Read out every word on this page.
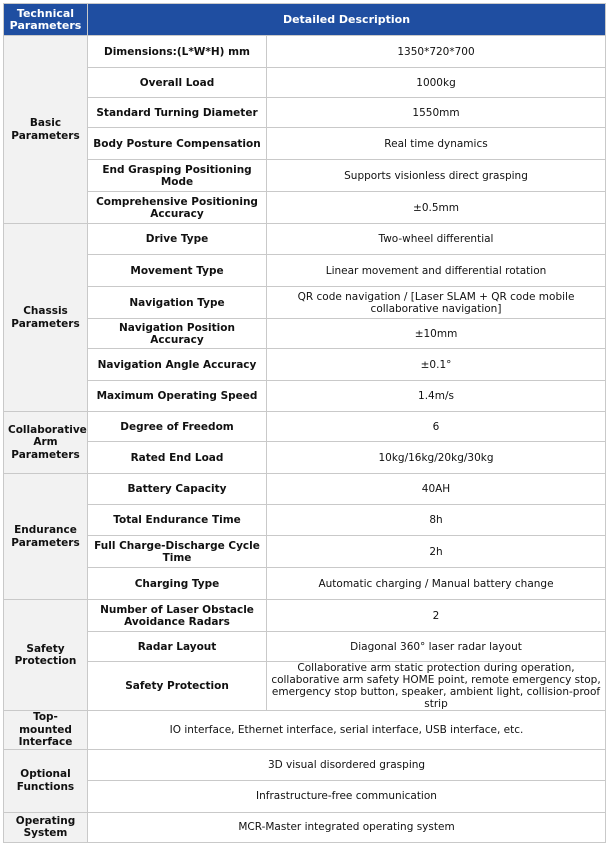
Technical Parameters	Detailed Description	
Basic Parameters	Dimensions:(L*W*H) mm	1350*720*700
	Overall Load	1000kg
	Standard Turning Diameter	1550mm
	Body Posture Compensation	Real time dynamics
	End Grasping Positioning Mode	Supports visionless direct grasping
	Comprehensive Positioning Accuracy	±0.5mm
Chassis Parameters	Drive Type	Two-wheel differential
	Movement Type	Linear movement and differential rotation
	Navigation Type	QR code navigation / [Laser SLAM + QR code mobile collaborative navigation]
	Navigation Position Accuracy	±10mm
	Navigation Angle Accuracy	±0.1°
	Maximum Operating Speed	1.4m/s
Collaborative Arm Parameters	Degree of Freedom	6
	Rated End Load	10kg/16kg/20kg/30kg
Endurance Parameters	Battery Capacity	40AH
	Total Endurance Time	8h
	Full Charge-Discharge Cycle Time	2h
	Charging Type	Automatic charging / Manual battery change
Safety Protection	Number of Laser Obstacle Avoidance Radars	2
	Radar Layout	Diagonal 360° laser radar layout
	Safety Protection	Collaborative arm static protection during operation, collaborative arm safety HOME point, remote emergency stop, emergency stop button, speaker, ambient light, collision-proof strip
Top-mounted Interface	IO interface, Ethernet interface, serial interface, USB interface, etc.	
Optional Functions	3D visual disordered grasping	
	Infrastructure-free communication	
Operating System	MCR-Master integrated operating system	
